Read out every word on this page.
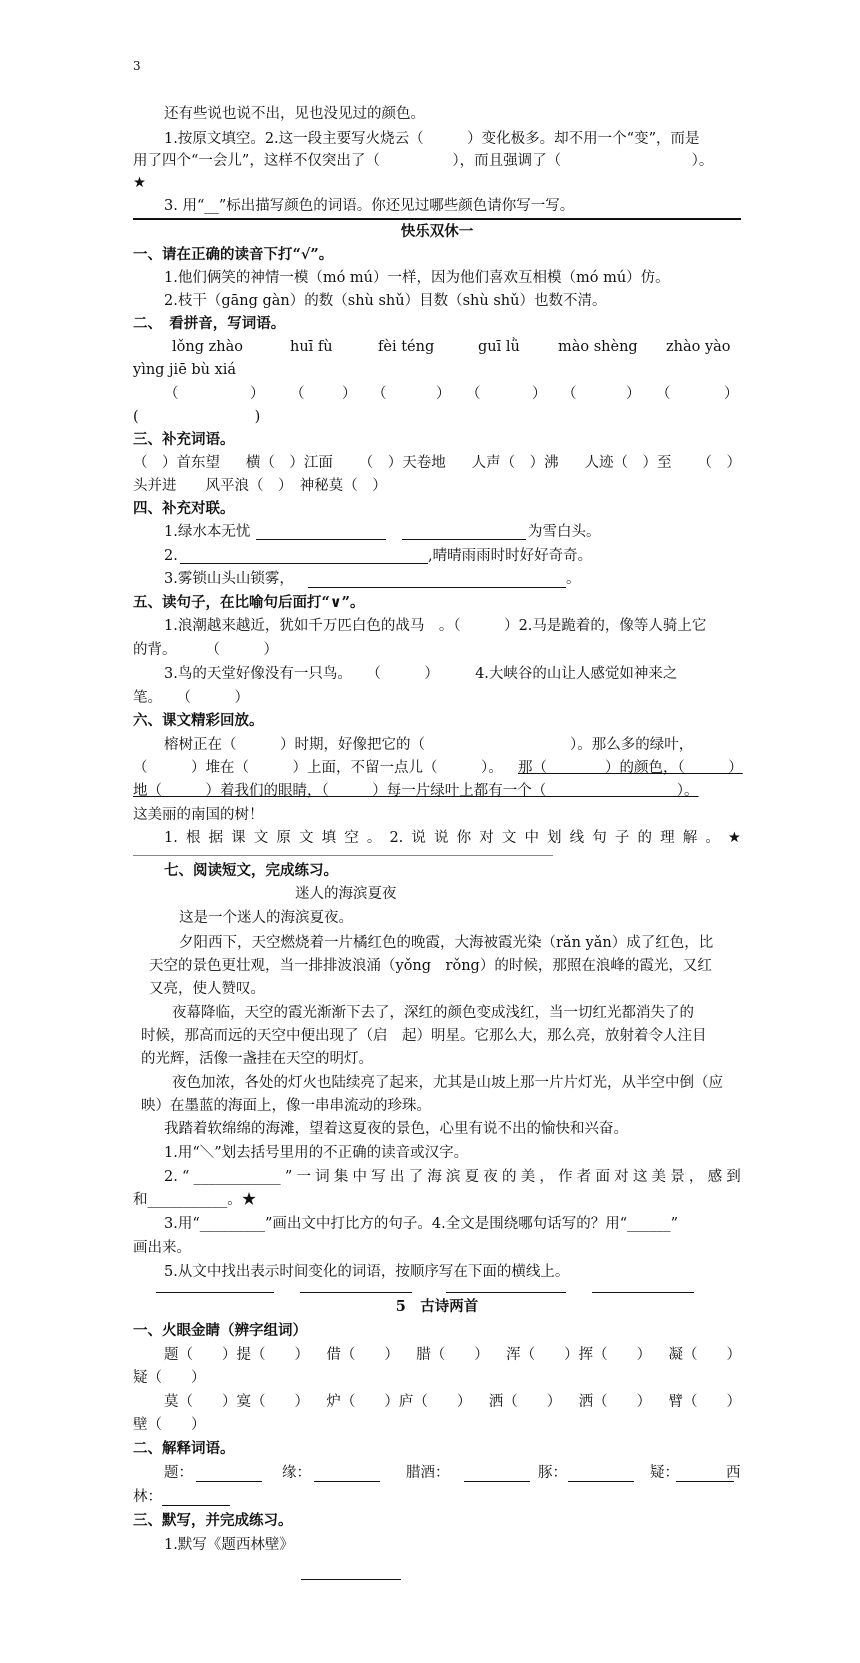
3
还有些说也说不出，见也没见过的颜色。
1.按原文填空。2.这一段主要写火烧云（　　　）变化极多。却不用一个“变”，而是
用了四个“一会儿”，这样不仅突出了（　　　　　），而且强调了（　　　　　　　　　）。
★
3. 用“__”标出描写颜色的词语。你还见过哪些颜色请你写一写。
快乐双休一
一、请在正确的读音下打“√”。
1.他们俩笑的神情一模（mó mú）一样，因为他们喜欢互相模（mó mú）仿。
2.枝干（gāng gàn）的数（shù shǔ）目数（shù shǔ）也数不清。
二、　看拼音，写词语。
lǒng zhào	huī fù	fèi téng	guī lǜ	mào shèng zhào yào
yìng jiē bù xiá
（	） （	） （	） （	） （	） （	）
(　　　　　　　　)
三、补充词语。
（　）首东望 横（　）江面 （　）天卷地 人声（　）沸 人迹（　）至 （　）
头并进　　风平浪（　）　神秘莫（　）
四、补充对联。
1.绿水本无忧	为雪白头。
2.	,晴晴雨雨时时好好奇奇。
3.雾锁山头山锁雾，	。
五、读句子，在比喻句后面打“∨”。
1.浪潮越来越近，犹如千万匹白色的战马　。（　　　）2.马是跪着的，像等人骑上它
的背。　　　（　　　）
3.鸟的天堂好像没有一只鸟。　　（　　　）　　　4.大峡谷的山让人感觉如神来之
笔。　　（　　　）
六、课文精彩回放。
榕树正在（　　　）时期，好像把它的（　　　　　　　　　　）。那么多的绿叶，
（　　　）堆在（　　　）上面，不留一点儿（　　　）。 那（　　　　）的颜色，（　　　）
地（　　　）着我们的眼睛，（　　　）每一片绿叶上都有一个（　　　　　　　　　）。
这美丽的南国的树！
1. 根 据 课 文 原 文 填 空 。 2. 说 说 你 对 文 中 划 线 句 子 的 理 解 。 ★
七、阅读短文，完成练习。
迷人的海滨夏夜
这是一个迷人的海滨夏夜。
夕阳西下，天空燃烧着一片橘红色的晚霞，大海被霞光染（rǎn yǎn）成了红色，比
天空的景色更壮观，当一排排波浪涌（yǒng　rǒng）的时候，那照在浪峰的霞光，又红
又亮，使人赞叹。
夜幕降临，天空的霞光渐渐下去了，深红的颜色变成浅红，当一切红光都消失了的
时候，那高而远的天空中便出现了（启　起）明星。它那么大，那么亮，放射着令人注目
的光辉，活像一盏挂在天空的明灯。
夜色加浓，各处的灯火也陆续亮了起来，尤其是山坡上那一片片灯光，从半空中倒（应
映）在墨蓝的海面上，像一串串流动的珍珠。
我踏着软绵绵的海滩，望着这夏夜的景色，心里有说不出的愉快和兴奋。
1.用“＼”划去括号里用的不正确的读音或汉字。
2. “ ____________ ” 一 词 集 中 写 出 了 海 滨 夏 夜 的 美 ， 作 者 面 对 这 美 景 ， 感 到
和___________。★
3.用“_________”画出文中打比方的句子。4.全文是围绕哪句话写的？用“______”
画出来。
5.从文中找出表示时间变化的词语，按顺序写在下面的横线上。
5　古诗两首
一、火眼金睛（辨字组词）
题（　　）提（　　） 借（　　） 腊（　　） 浑（　　）挥（　　） 凝（　　）
疑（　　）
莫（　　）寞（　　） 炉（　　）庐（　　） 洒（　　） 洒（　　） 臂（　　）
壁（　　）
二、解释词语。
题：	缘：	腊酒：	豚：	疑：	西
林：
三、默写，并完成练习。
1.默写《题西林壁》
